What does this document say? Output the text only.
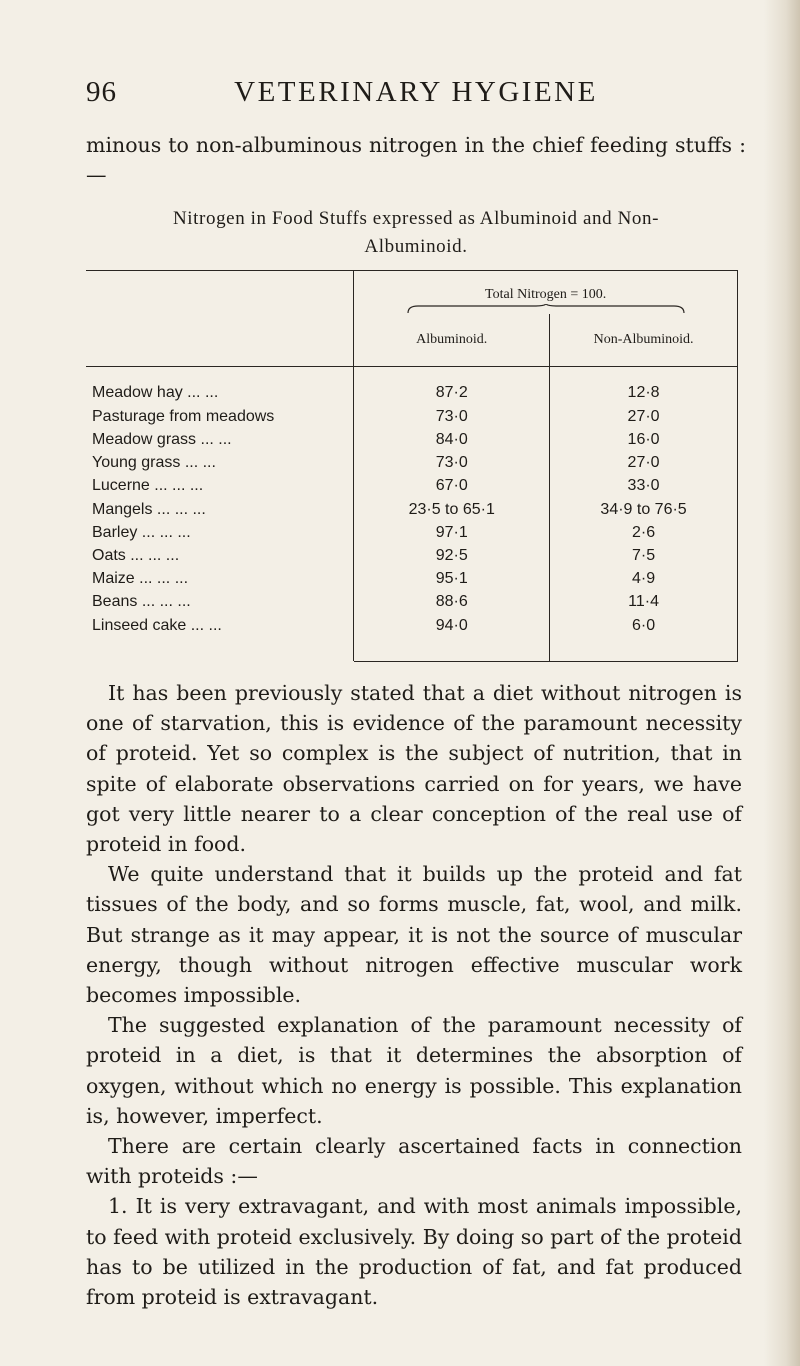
96	VETERINARY HYGIENE
minous to non-albuminous nitrogen in the chief feeding stuffs :—
Nitrogen in Food Stuffs expressed as Albuminoid and Non-
Albuminoid.
	Total Nitrogen = 100.	

	Albuminoid.	Non-Albuminoid.
Meadow hay ... ...	87·2	12·8
Pasturage from meadows	73·0	27·0
Meadow grass ... ...	84·0	16·0
Young grass ... ...	73·0	27·0
Lucerne ... ... ...	67·0	33·0
Mangels ... ... ...	23·5 to 65·1	34·9 to 76·5
Barley ... ... ...	97·1	2·6
Oats ... ... ...	92·5	7·5
Maize ... ... ...	95·1	4·9
Beans ... ... ...	88·6	11·4
Linseed cake ... ...	94·0	6·0

It has been previously stated that a diet without nitrogen is one of starvation, this is evidence of the paramount necessity of proteid. Yet so complex is the subject of nutrition, that in spite of elaborate observations carried on for years, we have got very little nearer to a clear conception of the real use of proteid in food.

We quite understand that it builds up the proteid and fat tissues of the body, and so forms muscle, fat, wool, and milk. But strange as it may appear, it is not the source of muscular energy, though without nitrogen effective muscular work becomes impossible.

The suggested explanation of the paramount necessity of proteid in a diet, is that it determines the absorption of oxygen, without which no energy is possible. This explanation is, however, imperfect.

There are certain clearly ascertained facts in connection with proteids :—

1. It is very extravagant, and with most animals impossible, to feed with proteid exclusively. By doing so part of the proteid has to be utilized in the production of fat, and fat produced from proteid is extravagant.
